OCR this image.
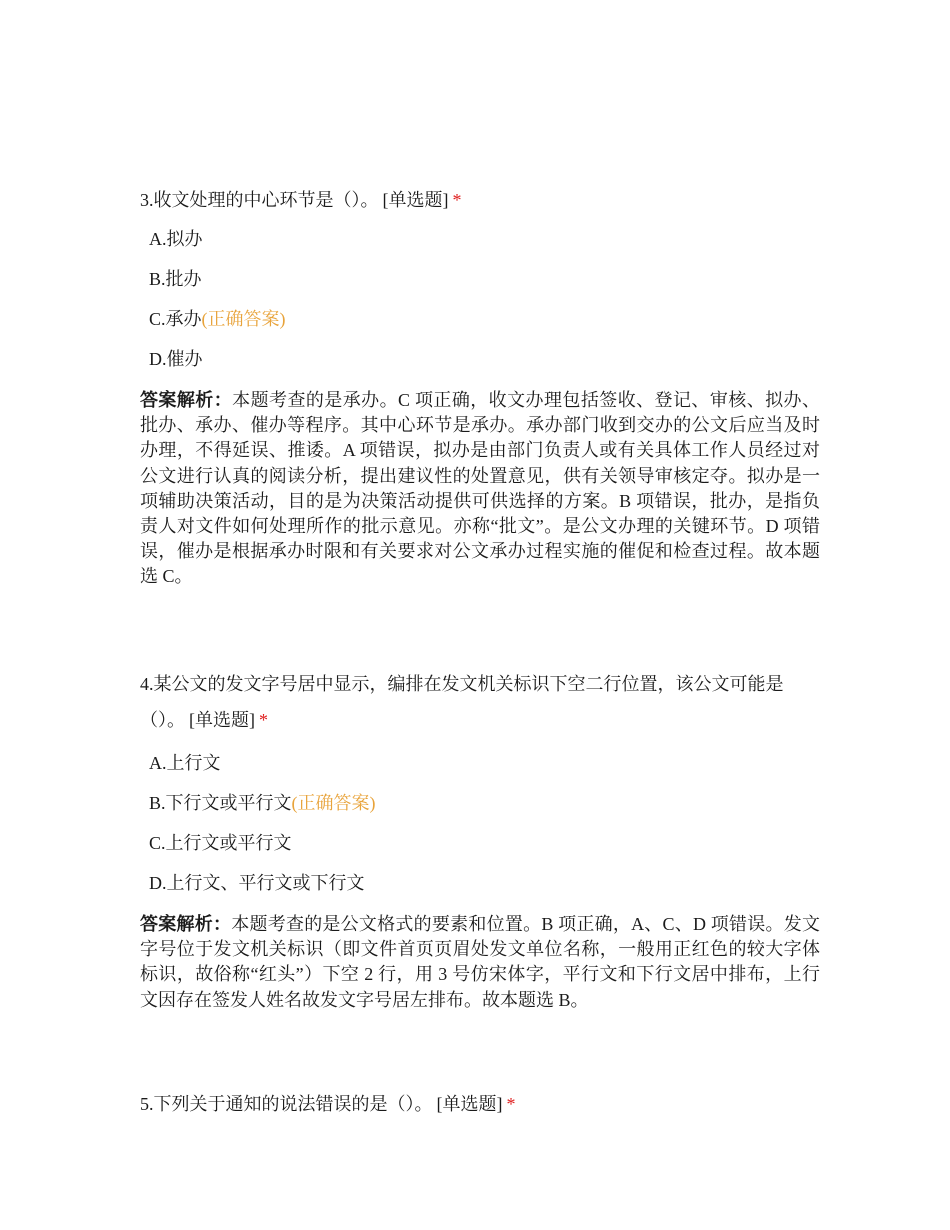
3.收文处理的中心环节是（）。 [单选题] *

A.拟办
B.批办
C.承办(正确答案)
D.催办
答案解析：本题考查的是承办。C 项正确，收文办理包括签收、登记、审核、拟办、批办、承办、催办等程序。其中心环节是承办。承办部门收到交办的公文后应当及时办理，不得延误、推诿。A 项错误，拟办是由部门负责人或有关具体工作人员经过对公文进行认真的阅读分析，提出建议性的处置意见，供有关领导审核定夺。拟办是一项辅助决策活动，目的是为决策活动提供可供选择的方案。B 项错误，批办，是指负责人对文件如何处理所作的批示意见。亦称“批文”。是公文办理的关键环节。D 项错误，催办是根据承办时限和有关要求对公文承办过程实施的催促和检查过程。故本题选 C。

4.某公文的发文字号居中显示，编排在发文机关标识下空二行位置，该公文可能是（）。 [单选题] *

A.上行文
B.下行文或平行文(正确答案)
C.上行文或平行文
D.上行文、平行文或下行文
答案解析：本题考查的是公文格式的要素和位置。B 项正确，A、C、D 项错误。发文字号位于发文机关标识（即文件首页页眉处发文单位名称，一般用正红色的较大字体标识，故俗称“红头”）下空 2 行，用 3 号仿宋体字，平行文和下行文居中排布，上行文因存在签发人姓名故发文字号居左排布。故本题选 B。

5.下列关于通知的说法错误的是（）。 [单选题] *
